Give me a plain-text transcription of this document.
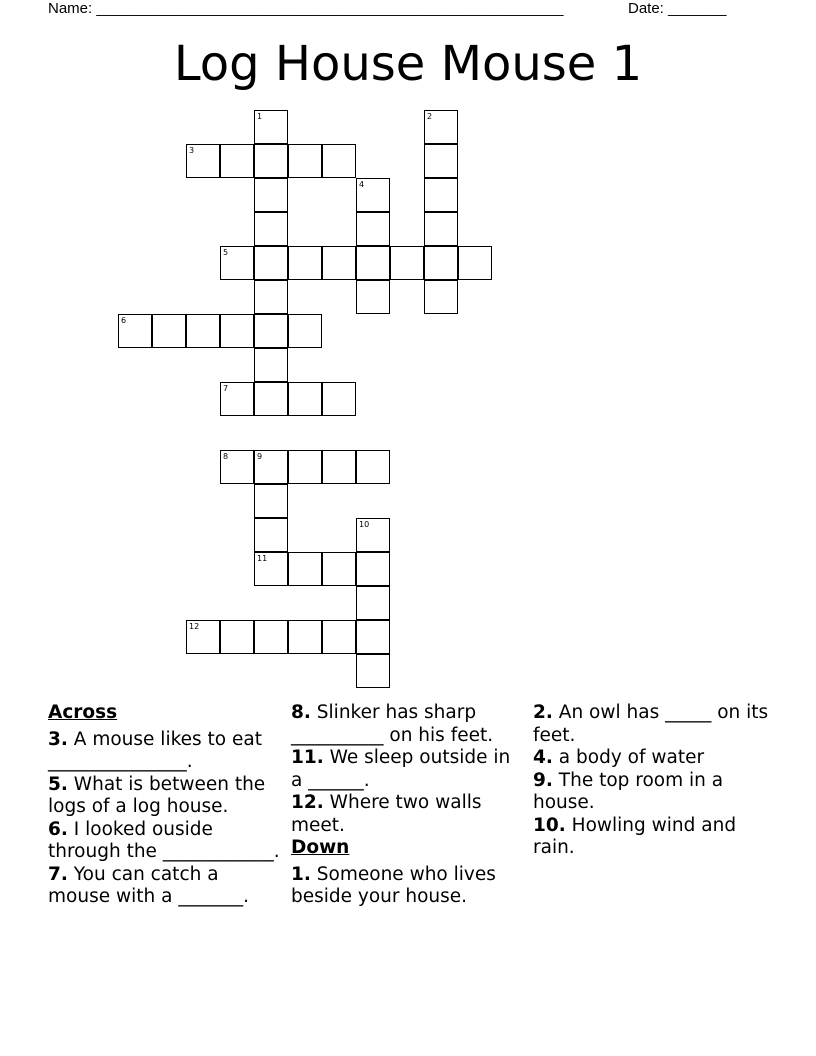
Name: ________________________________________________________	Date: _______
Log House Mouse 1
1	2
3
4
5
6
7
8	9
10
11
12
Across

3. A mouse likes to eat _______________.

5. What is between the logs of a log house.

6. I looked ouside through the ____________.

7. You can catch a mouse with a _______.

8. Slinker has sharp __________ on his feet.

11. We sleep outside in a ______.

12. Where two walls meet.

Down

1. Someone who lives beside your house.

2. An owl has _____ on its feet.

4. a body of water

9. The top room in a house.

10. Howling wind and rain.
